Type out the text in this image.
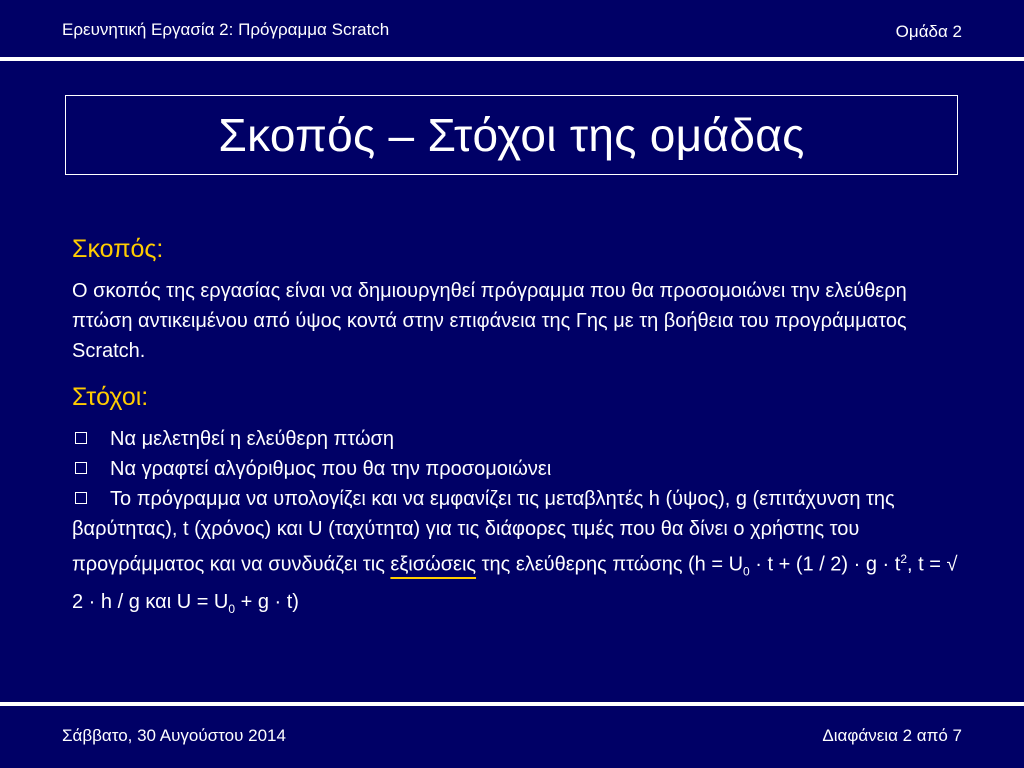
Ερευνητική Εργασία 2: Πρόγραμμα Scratch	Ομάδα 2
Σκοπός – Στόχοι της ομάδας

Σκοπός:

Ο σκοπός της εργασίας είναι να δημιουργηθεί πρόγραμμα που θα προσομοιώνει την ελεύθερη πτώση αντικειμένου από ύψος κοντά στην επιφάνεια της Γης με τη βοήθεια του προγράμματος Scratch.

Στόχοι:

Να μελετηθεί η ελεύθερη πτώση
Να γραφτεί αλγόριθμος που θα την προσομοιώνει
Το πρόγραμμα να υπολογίζει και να εμφανίζει τις μεταβλητές h (ύψος), g (επιτάχυνση της βαρύτητας), t (χρόνος) και U (ταχύτητα) για τις διάφορες τιμές που θα δίνει ο χρήστης του προγράμματος και να συνδυάζει τις εξισώσεις της ελεύθερης πτώσης ($h = U_0 \cdot t + (1 / 2) \cdot g \cdot t^2$, t = √ 2 · h / g και $U = U_0 + g \cdot t$)
Σάββατο, 30 Αυγούστου 2014	Διαφάνεια 2 από 7
